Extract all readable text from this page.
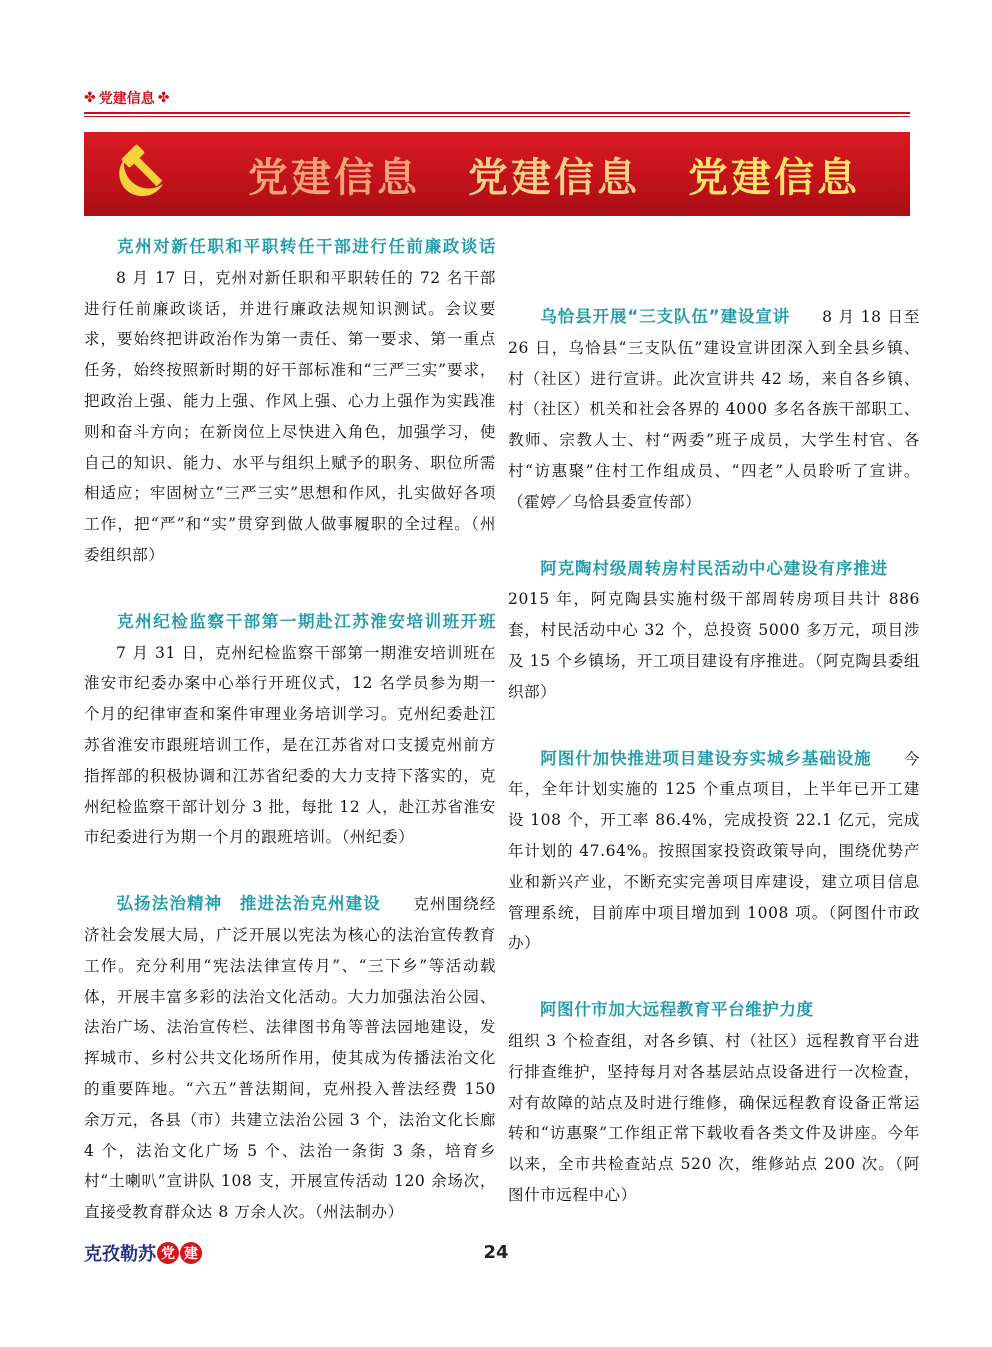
✤ 党建信息 ✤
党建信息 党建信息 党建信息

克州对新任职和平职转任干部进行任前廉政谈话8 月 17 日，克州对新任职和平职转任的 72 名干部进行任前廉政谈话，并进行廉政法规知识测试。会议要求，要始终把讲政治作为第一责任、第一要求、第一重点任务，始终按照新时期的好干部标准和“三严三实”要求，把政治上强、能力上强、作风上强、心力上强作为实践准则和奋斗方向；在新岗位上尽快进入角色，加强学习，使自己的知识、能力、水平与组织上赋予的职务、职位所需相适应；牢固树立“三严三实”思想和作风，扎实做好各项工作，把“严”和“实”贯穿到做人做事履职的全过程。（州委组织部）

克州纪检监察干部第一期赴江苏淮安培训班开班7 月 31 日，克州纪检监察干部第一期淮安培训班在淮安市纪委办案中心举行开班仪式，12 名学员参为期一个月的纪律审查和案件审理业务培训学习。克州纪委赴江苏省淮安市跟班培训工作，是在江苏省对口支援克州前方指挥部的积极协调和江苏省纪委的大力支持下落实的，克州纪检监察干部计划分 3 批，每批 12 人，赴江苏省淮安市纪委进行为期一个月的跟班培训。（州纪委）

弘扬法治精神　推进法治克州建设 克州围绕经济社会发展大局，广泛开展以宪法为核心的法治宣传教育工作。充分利用“宪法法律宣传月”、“三下乡”等活动载体，开展丰富多彩的法治文化活动。大力加强法治公园、法治广场、法治宣传栏、法律图书角等普法园地建设，发挥城市、乡村公共文化场所作用，使其成为传播法治文化的重要阵地。“六五”普法期间，克州投入普法经费 150 余万元，各县（市）共建立法治公园 3 个，法治文化长廊 4 个，法治文化广场 5 个、法治一条街 3 条，培育乡村“土喇叭”宣讲队 108 支，开展宣传活动 120 余场次，直接受教育群众达 8 万余人次。（州法制办）

乌恰县开展“三支队伍”建设宣讲 8 月 18 日至 26 日，乌恰县“三支队伍”建设宣讲团深入到全县乡镇、村（社区）进行宣讲。此次宣讲共 42 场，来自各乡镇、村（社区）机关和社会各界的 4000 多名各族干部职工、教师、宗教人士、村“两委”班子成员，大学生村官、各村“访惠聚”住村工作组成员、“四老”人员聆听了宣讲。（霍婷／乌恰县委宣传部）

阿克陶村级周转房村民活动中心建设有序推进2015 年，阿克陶县实施村级干部周转房项目共计 886 套，村民活动中心 32 个，总投资 5000 多万元，项目涉及 15 个乡镇场，开工项目建设有序推进。（阿克陶县委组织部）

阿图什加快推进项目建设夯实城乡基础设施 今年，全年计划实施的 125 个重点项目，上半年已开工建设 108 个，开工率 86.4%，完成投资 22.1 亿元，完成年计划的 47.64%。按照国家投资政策导向，围绕优势产业和新兴产业，不断充实完善项目库建设，建立项目信息管理系统，目前库中项目增加到 1008 项。（阿图什市政办）

阿图什市加大远程教育平台维护力度
组织 3 个检查组，对各乡镇、村（社区）远程教育平台进行排查维护，坚持每月对各基层站点设备进行一次检查，对有故障的站点及时进行维修，确保远程教育设备正常运转和“访惠聚”工作组正常下载收看各类文件及讲座。今年以来，全市共检查站点 520 次，维修站点 200 次。（阿图什市远程中心）

克孜勒苏 党 建	24
